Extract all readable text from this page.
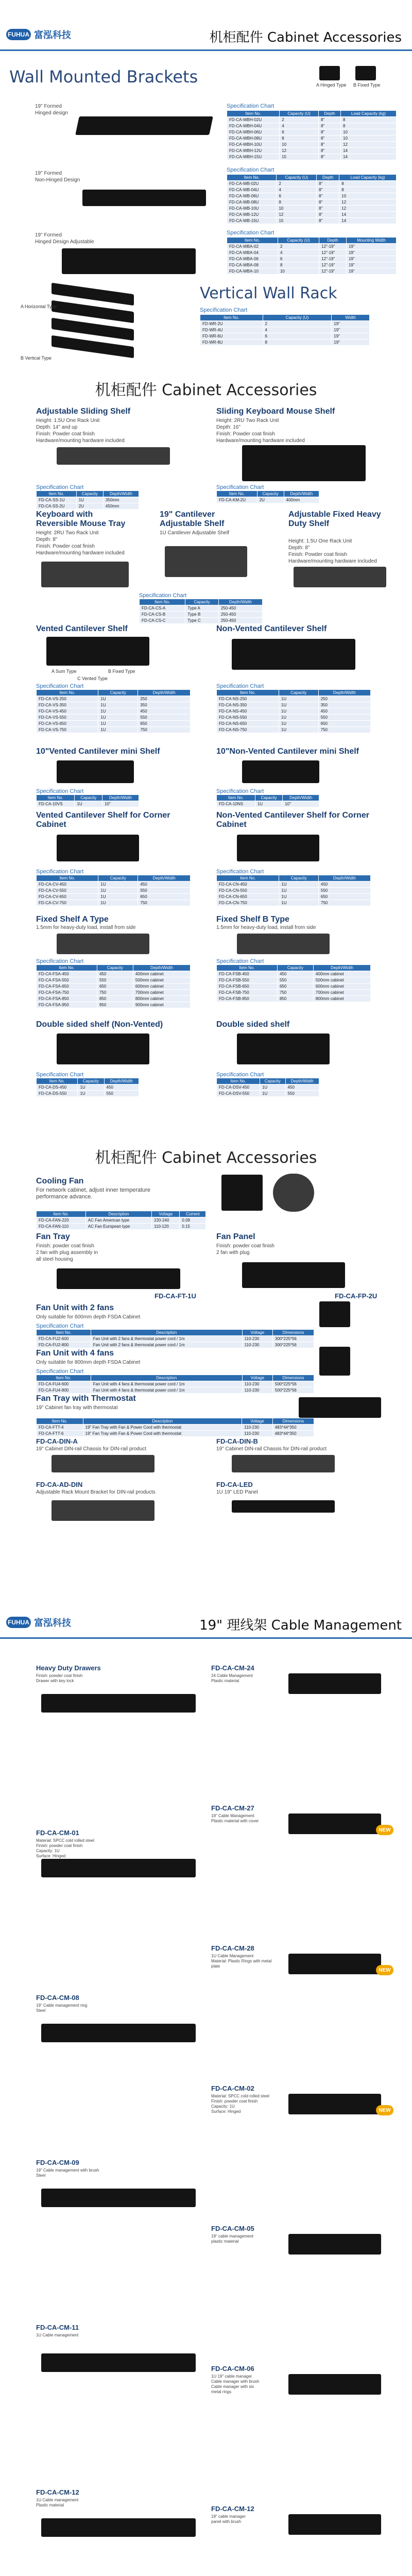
FUHUA 富泓科技	机柜配件 Cabinet Accessories
Wall Mounted Brackets	A Hinged Type B Fixed Type
19" Formed
Hinged design
Specification Chart
Item No.	Capacity (U)	Depth	Load Capacity (kg)
FD-CA-WBH-02U	2	8"	8
FD-CA-WBH-04U	4	8"	8
FD-CA-WBH-06U	6	8"	10
FD-CA-WBH-08U	8	8"	10
FD-CA-WBH-10U	10	8"	12
FD-CA-WBH-12U	12	8"	14
FD-CA-WBH-15U	15	8"	14
19" Formed
Non-Hinged Design
Specification Chart
Item No.	Capacity (U)	Depth	Load Capacity (kg)
FD-CA-WB-02U	2	8"	8
FD-CA-WB-04U	4	8"	8
FD-CA-WB-06U	6	8"	10
FD-CA-WB-08U	8	8"	12
FD-CA-WB-10U	10	8"	12
FD-CA-WB-12U	12	8"	14
FD-CA-WB-15U	15	8"	14
19" Formed
Hinged Design Adjustable
Specification Chart
Item No.	Capacity (U)	Depth	Mounting Width
FD-CA-WBA-02	2	12"-19"	19"
FD-CA-WBA-04	4	12"-19"	19"
FD-CA-WBA-06	6	12"-19"	19"
FD-CA-WBA-08	8	12"-19"	19"
FD-CA-WBA-10	10	12"-19"	19"
A Horizontal Type
B Vertical Type
Vertical Wall Rack
Specification Chart
Item No.	Capacity (U)	Width
FD-WR-2U	2	19"
FD-WR-4U	4	19"
FD-WR-6U	6	19"
FD-WR-8U	8	19"
机柜配件 Cabinet Accessories
Adjustable Sliding Shelf
Height: 1.5U One Rack Unit
Depth: 14" and up
Finish: Powder coat finish
Hardware/mounting hardware included
Sliding Keyboard Mouse Shelf
Height: 2RU Two Rack Unit
Depth: 16"
Finish: Powder coat finish
Hardware/mounting hardware included
Specification Chart
Item No.	Capacity	Depth/Width
FD-CA-SS-1U	1U	350mm
FD-CA-SS-2U	2U	450mm
Specification Chart
Item No.	Capacity	Depth/Width
FD-CA-KM-2U	2U	400mm
Keyboard with Reversible Mouse Tray
Height: 2RU Two Rack Unit
Depth: 8"
Finish: Powder coat finish
Hardware/mounting hardware included
19" Cantilever Adjustable Shelf
1U Cantilever Adjustable Shelf
Adjustable Fixed Heavy Duty Shelf
Height: 1.5U One Rack Unit
Depth: 8"
Finish: Powder coat finish
Hardware/mounting hardware included
Specification Chart
Item No.	Capacity	Depth/Width
FD-CA-CS-A	Type A	250-450
FD-CA-CS-B	Type B	250-450
FD-CA-CS-C	Type C	250-450
Vented Cantilever Shelf
A Sum Type	B Fixed Type
C Vented Type
Non-Vented Cantilever Shelf
Specification Chart
Item No.	Capacity	Depth/Width
FD-CA-VS-250	1U	250
FD-CA-VS-350	1U	350
FD-CA-VS-450	1U	450
FD-CA-VS-550	1U	550
FD-CA-VS-650	1U	650
FD-CA-VS-750	1U	750
Specification Chart
Item No.	Capacity	Depth/Width
FD-CA-NS-250	1U	250
FD-CA-NS-350	1U	350
FD-CA-NS-450	1U	450
FD-CA-NS-550	1U	550
FD-CA-NS-650	1U	650
FD-CA-NS-750	1U	750
10"Vented Cantilever mini Shelf	10"Non-Vented Cantilever mini Shelf
Specification Chart
Item No.	Capacity	Depth/Width
FD-CA-10VS	1U	10"
Specification Chart
Item No.	Capacity	Depth/Width
FD-CA-10NS	1U	10"
Vented Cantilever Shelf for Corner Cabinet
Non-Vented Cantilever Shelf for Corner Cabinet
Specification Chart
Item No.	Capacity	Depth/Width
FD-CA-CV-450	1U	450
FD-CA-CV-550	1U	550
FD-CA-CV-650	1U	650
FD-CA-CV-750	1U	750
Specification Chart
Item No.	Capacity	Depth/Width
FD-CA-CN-450	1U	450
FD-CA-CN-550	1U	550
FD-CA-CN-650	1U	650
FD-CA-CN-750	1U	750
Fixed Shelf A Type
1.5mm for heavy-duty load, install from side
Fixed Shelf B Type
1.5mm for heavy-duty load, install from side
Specification Chart
Item No.	Capacity	Depth/Width
FD-CA-FSA-450	450	400mm cabinet
FD-CA-FSA-550	550	500mm cabinet
FD-CA-FSA-650	650	600mm cabinet
FD-CA-FSA-750	750	700mm cabinet
FD-CA-FSA-850	850	800mm cabinet
FD-CA-FSA-950	950	900mm cabinet
Specification Chart
Item No.	Capacity	Depth/Width
FD-CA-FSB-450	450	400mm cabinet
FD-CA-FSB-550	550	500mm cabinet
FD-CA-FSB-650	650	600mm cabinet
FD-CA-FSB-750	750	700mm cabinet
FD-CA-FSB-850	850	800mm cabinet
Double sided shelf (Non-Vented)	Double sided shelf
Specification Chart
Item No.	Capacity	Depth/Width
FD-CA-DS-450	1U	450
FD-CA-DS-550	1U	550
Specification Chart
Item No.	Capacity	Depth/Width
FD-CA-DSV-450	1U	450
FD-CA-DSV-550	1U	550
机柜配件 Cabinet Accessories
Cooling Fan
For network cabinet, adjust inner temperature
performance advance.
Item No.	Description	Voltage	Current
FD-CA-FAN-220	AC Fan American type	220-240	0.09
FD-CA-FAN-110	AC Fan European type	110-120	0.15
Fan Tray
Finish: powder coat finish
2 fan with plug assembly in
all steel housing
FD-CA-FT-1U
Fan Panel
Finish: powder coat finish
2 fan with plug
FD-CA-FP-2U
Fan Unit with 2 fans
Only suitable for 600mm depth FSDA Cabinet
Specification Chart
Item No.	Description	Voltage	Dimensions
FD-CA-FU2-600	Fan Unit with 2 fans & thermostat power cord / 1m	110-230	300*225*56
FD-CA-FU2-800	Fan Unit with 2 fans & thermostat power cord / 1m	110-230	300*225*56
Fan Unit with 4 fans
Only suitable for 800mm depth FSDA Cabinet
Specification Chart
Item No.	Description	Voltage	Dimensions
FD-CA-FU4-600	Fan Unit with 4 fans & thermostat power cord / 1m	110-230	500*225*56
FD-CA-FU4-800	Fan Unit with 4 fans & thermostat power cord / 1m	110-230	500*225*56
Fan Tray with Thermostat
19" Cabinet fan tray with thermostat
Item No.	Description	Voltage	Dimensions
FD-CA-FTT-4	19" Fan Tray with Fan & Power Cord with thermostat	110-230	483*44*350
FD-CA-FTT-6	19" Fan Tray with Fan & Power Cord with thermostat	110-230	483*44*350
FD-CA-DIN-A
19" Cabinet DIN-rail Chassis for DIN-rail product
FD-CA-DIN-B
19" Cabinet DIN-rail Chassis for DIN-rail product
FD-CA-AD-DIN
Adjustable Rack Mount Bracket for DIN-rail products
FD-CA-LED
1U 19" LED Panel
FUHUA 富泓科技	19" 理线架 Cable Management
Heavy Duty Drawers
Finish: powder coat finish
Drawer with key lock
FD-CA-CM-01
Material: SPCC cold rolled steel
Finish: powder coat finish
Capacity: 1U
Surface: Hinged
FD-CA-CM-08
19" Cable management ring
Steel
FD-CA-CM-09
19" Cable management with brush
Steel
FD-CA-CM-11
1U Cable management
FD-CA-CM-12
1U Cable management
Plastic material
FD-CA-CM-24
24 Cable Management
Plastic material
FD-CA-CM-27
19" Cable Management
Plastic material with cover
FD-CA-CM-28
1U Cable Management
Material: Plastic Rings with metal
plate
FD-CA-CM-02
Material: SPCC cold rolled steel
Finish: powder coat finish
Capacity: 1U
Surface: Hinged
FD-CA-CM-05
19" cable management
plastic material
FD-CA-CM-06
1U 19" cable manager
Cable manager with brush
Cable manager with six
metal rings
FD-CA-CM-12
19" cable manager
panel with brush
NEW
NEW
NEW
